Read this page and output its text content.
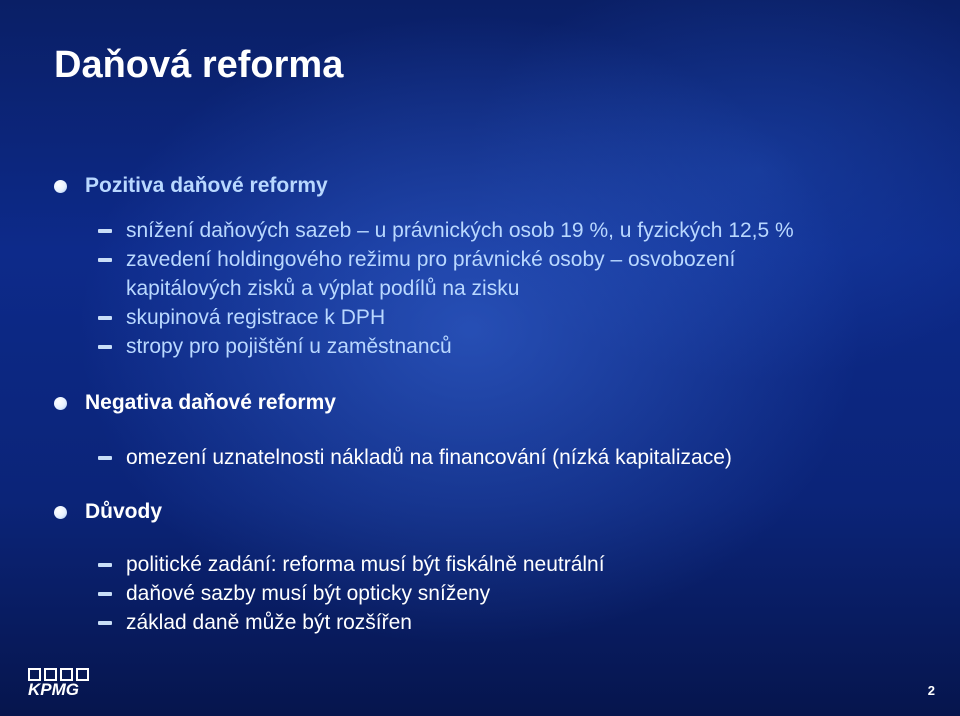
Daňová reforma
Pozitiva daňové reformy
snížení daňových sazeb – u právnických osob 19 %, u fyzických 12,5 %
zavedení holdingového režimu pro právnické osoby – osvobození kapitálových zisků a výplat podílů na zisku
skupinová registrace k DPH
stropy pro pojištění u zaměstnanců
Negativa daňové reformy
omezení uznatelnosti nákladů na financování (nízká kapitalizace)
Důvody
politické zadání: reforma musí být fiskálně neutrální
daňové sazby musí být opticky sníženy
základ daně může být rozšířen
KPMG	2
